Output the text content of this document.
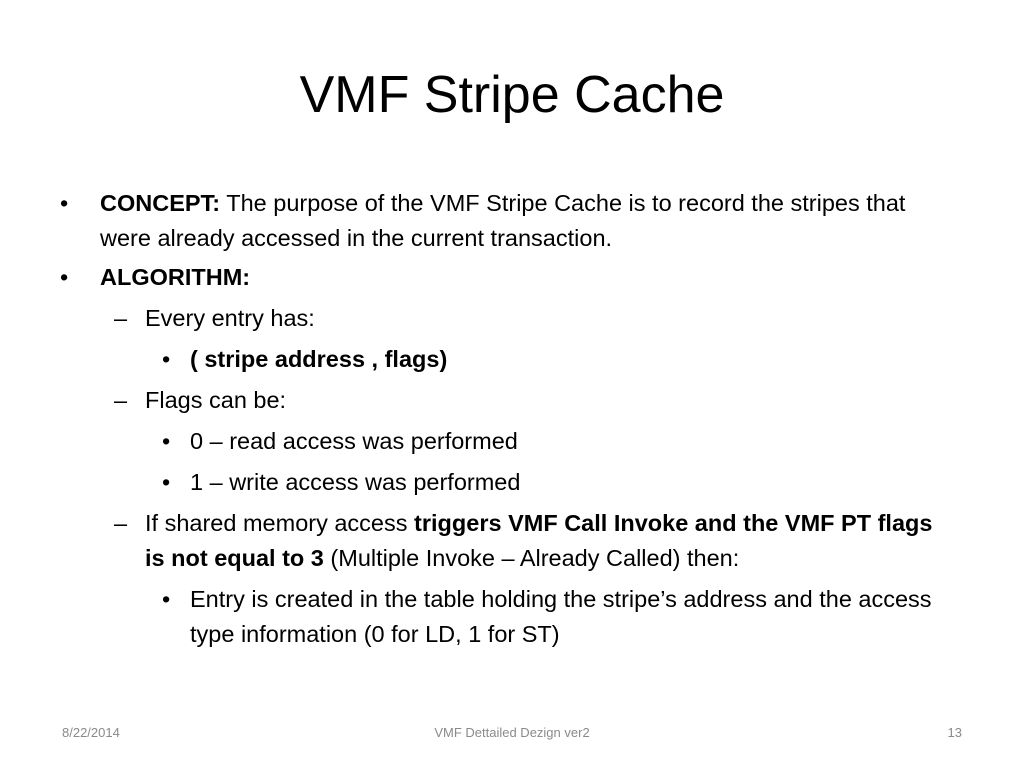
VMF Stripe Cache

• CONCEPT: The purpose of the VMF Stripe Cache is to record the stripes that were already accessed in the current transaction.

• ALGORITHM:

– Every entry has:

• ( stripe address , flags)

– Flags can be:

• 0 – read access was performed

• 1 – write access was performed

– If shared memory access triggers VMF Call Invoke and the VMF PT flags is not equal to 3 (Multiple Invoke – Already Called) then:

• Entry is created in the table holding the stripe’s address and the access type information (0 for LD, 1 for ST)

8/22/2014	VMF Dettailed Dezign ver2	13
